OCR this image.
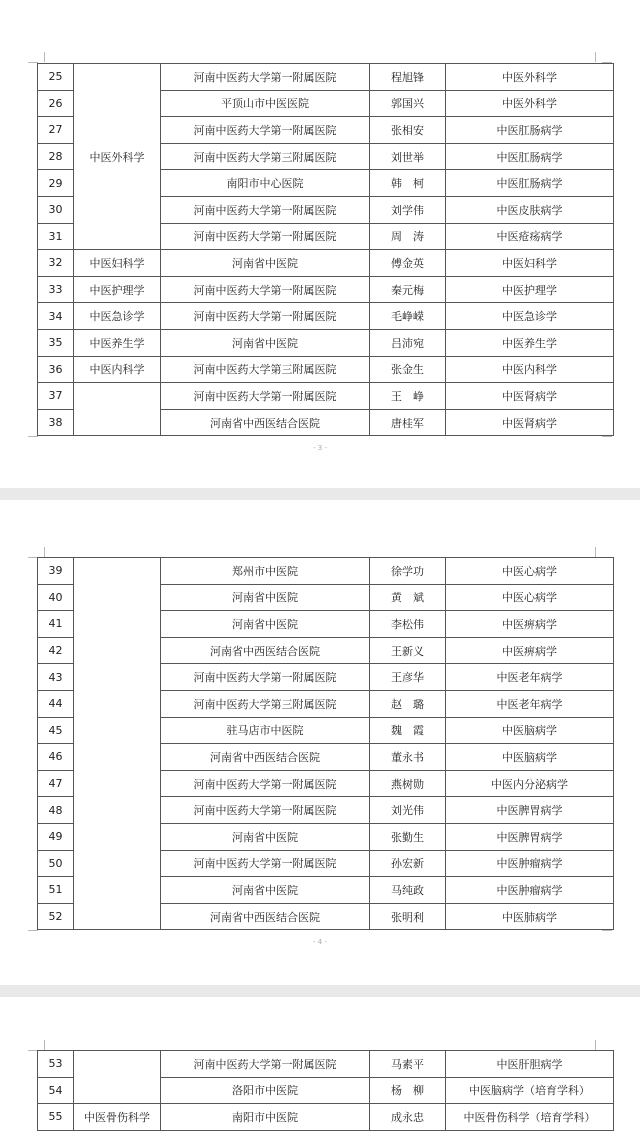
25	中医外科学	河南中医药大学第一附属医院	程旭锋	中医外科学
26		平顶山市中医医院	郭国兴	中医外科学
27		河南中医药大学第一附属医院	张相安	中医肛肠病学
28		河南中医药大学第三附属医院	刘世举	中医肛肠病学
29		南阳市中心医院	韩　柯	中医肛肠病学
30		河南中医药大学第一附属医院	刘学伟	中医皮肤病学
31		河南中医药大学第一附属医院	周　涛	中医疮疡病学
32	中医妇科学	河南省中医院	傅金英	中医妇科学
33	中医护理学	河南中医药大学第一附属医院	秦元梅	中医护理学
34	中医急诊学	河南中医药大学第一附属医院	毛峥嵘	中医急诊学
35	中医养生学	河南省中医院	吕沛宛	中医养生学
36	中医内科学	河南中医药大学第三附属医院	张金生	中医内科学
37		河南中医药大学第一附属医院	王　峥	中医肾病学
38		河南省中西医结合医院	唐桂军	中医肾病学
- 3 -
39		郑州市中医院	徐学功	中医心病学
40		河南省中医院	黄　斌	中医心病学
41		河南省中医院	李松伟	中医痹病学
42		河南省中西医结合医院	王新义	中医痹病学
43		河南中医药大学第一附属医院	王彦华	中医老年病学
44		河南中医药大学第三附属医院	赵　璐	中医老年病学
45		驻马店市中医院	魏　霞	中医脑病学
46		河南省中西医结合医院	董永书	中医脑病学
47		河南中医药大学第一附属医院	燕树勋	中医内分泌病学
48		河南中医药大学第一附属医院	刘光伟	中医脾胃病学
49		河南省中医院	张勤生	中医脾胃病学
50		河南中医药大学第一附属医院	孙宏新	中医肿瘤病学
51		河南省中医院	马纯政	中医肿瘤病学
52		河南省中西医结合医院	张明利	中医肺病学
- 4 -
53		河南中医药大学第一附属医院	马素平	中医肝胆病学
54		洛阳市中医院	杨　柳	中医脑病学（培育学科）
55	中医骨伤科学	南阳市中医院	成永忠	中医骨伤科学（培育学科）
